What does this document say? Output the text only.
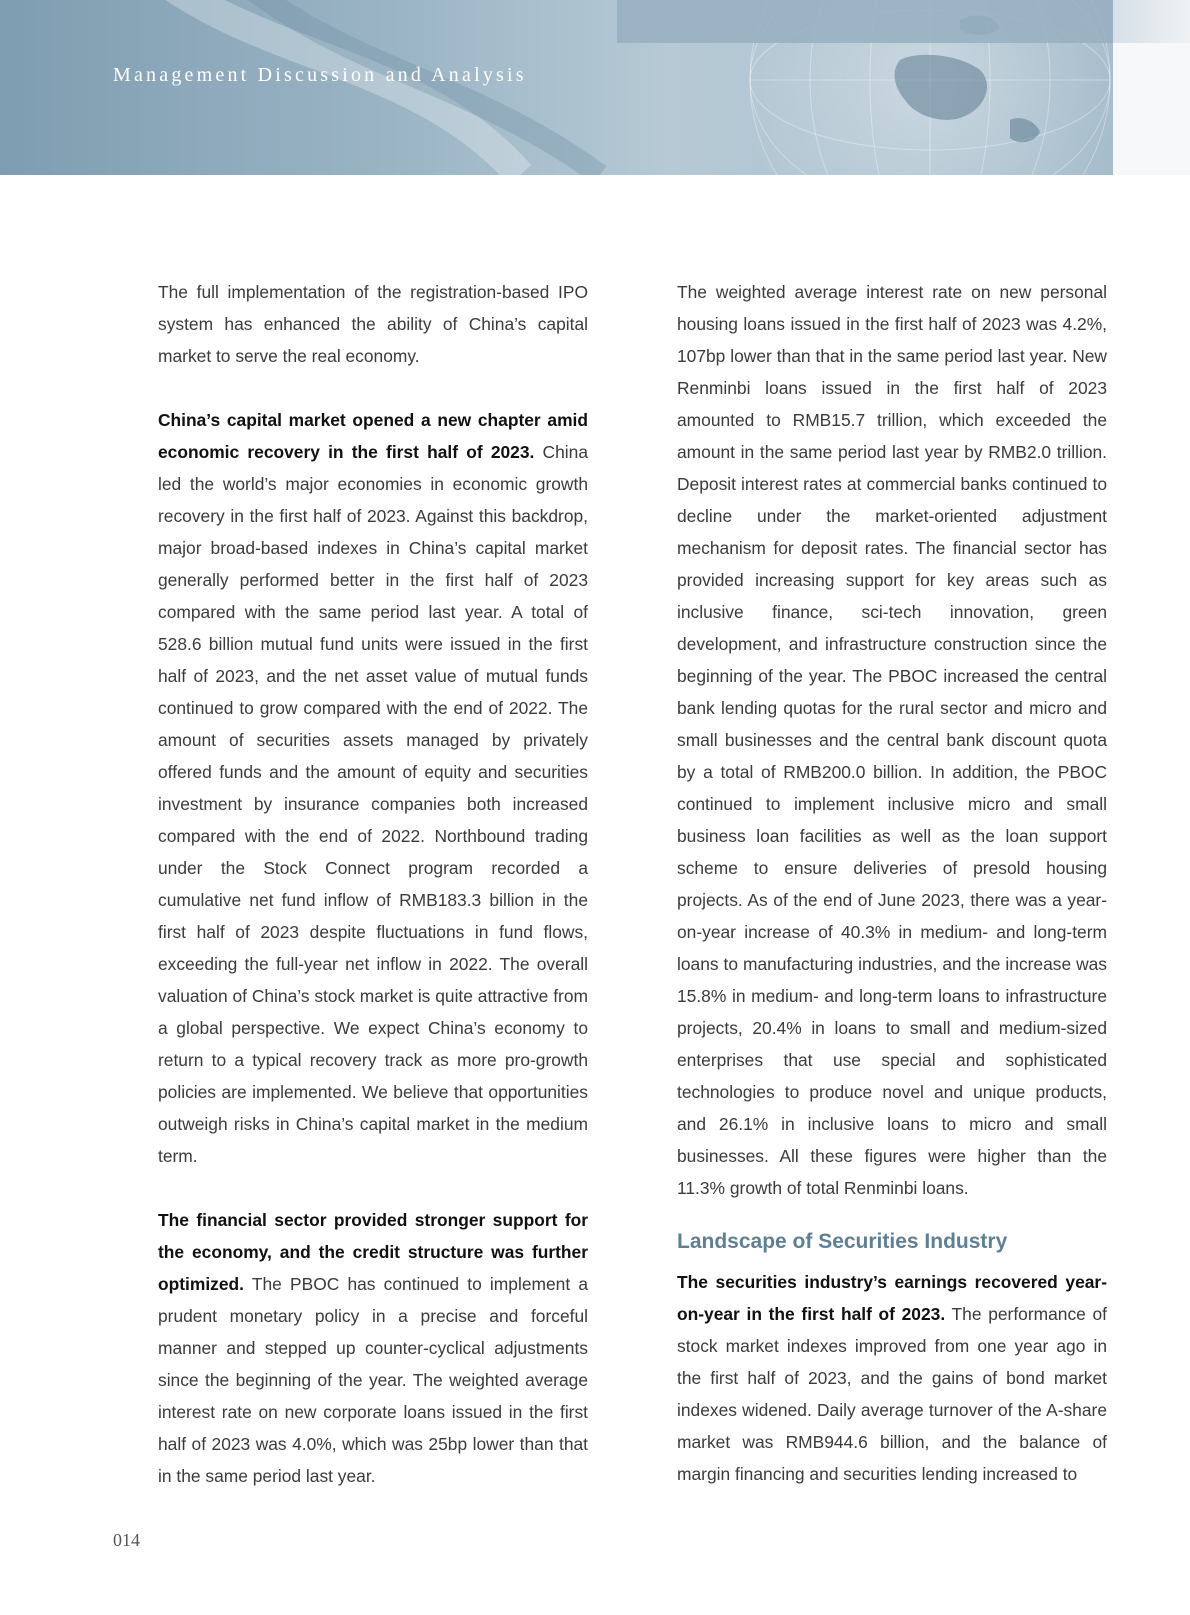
Management Discussion and Analysis

The full implementation of the registration-based IPO system has enhanced the ability of China’s capital market to serve the real economy.

China’s capital market opened a new chapter amid economic recovery in the first half of 2023. China led the world’s major economies in economic growth recovery in the first half of 2023. Against this backdrop, major broad-based indexes in China’s capital market generally performed better in the first half of 2023 compared with the same period last year. A total of 528.6 billion mutual fund units were issued in the first half of 2023, and the net asset value of mutual funds continued to grow compared with the end of 2022. The amount of securities assets managed by privately offered funds and the amount of equity and securities investment by insurance companies both increased compared with the end of 2022. Northbound trading under the Stock Connect program recorded a cumulative net fund inflow of RMB183.3 billion in the first half of 2023 despite fluctuations in fund flows, exceeding the full-year net inflow in 2022. The overall valuation of China’s stock market is quite attractive from a global perspective. We expect China’s economy to return to a typical recovery track as more pro-growth policies are implemented. We believe that opportunities outweigh risks in China’s capital market in the medium term.

The financial sector provided stronger support for the economy, and the credit structure was further optimized. The PBOC has continued to implement a prudent monetary policy in a precise and forceful manner and stepped up counter-cyclical adjustments since the beginning of the year. The weighted average interest rate on new corporate loans issued in the first half of 2023 was 4.0%, which was 25bp lower than that in the same period last year.

The weighted average interest rate on new personal housing loans issued in the first half of 2023 was 4.2%, 107bp lower than that in the same period last year. New Renminbi loans issued in the first half of 2023 amounted to RMB15.7 trillion, which exceeded the amount in the same period last year by RMB2.0 trillion. Deposit interest rates at commercial banks continued to decline under the market-oriented adjustment mechanism for deposit rates. The financial sector has provided increasing support for key areas such as inclusive finance, sci-tech innovation, green development, and infrastructure construction since the beginning of the year. The PBOC increased the central bank lending quotas for the rural sector and micro and small businesses and the central bank discount quota by a total of RMB200.0 billion. In addition, the PBOC continued to implement inclusive micro and small business loan facilities as well as the loan support scheme to ensure deliveries of presold housing projects. As of the end of June 2023, there was a year-on-year increase of 40.3% in medium- and long-term loans to manufacturing industries, and the increase was 15.8% in medium- and long-term loans to infrastructure projects, 20.4% in loans to small and medium-sized enterprises that use special and sophisticated technologies to produce novel and unique products, and 26.1% in inclusive loans to micro and small businesses. All these figures were higher than the 11.3% growth of total Renminbi loans.

Landscape of Securities Industry

The securities industry’s earnings recovered year-on-year in the first half of 2023. The performance of stock market indexes improved from one year ago in the first half of 2023, and the gains of bond market indexes widened. Daily average turnover of the A-share market was RMB944.6 billion, and the balance of margin financing and securities lending increased to

014
